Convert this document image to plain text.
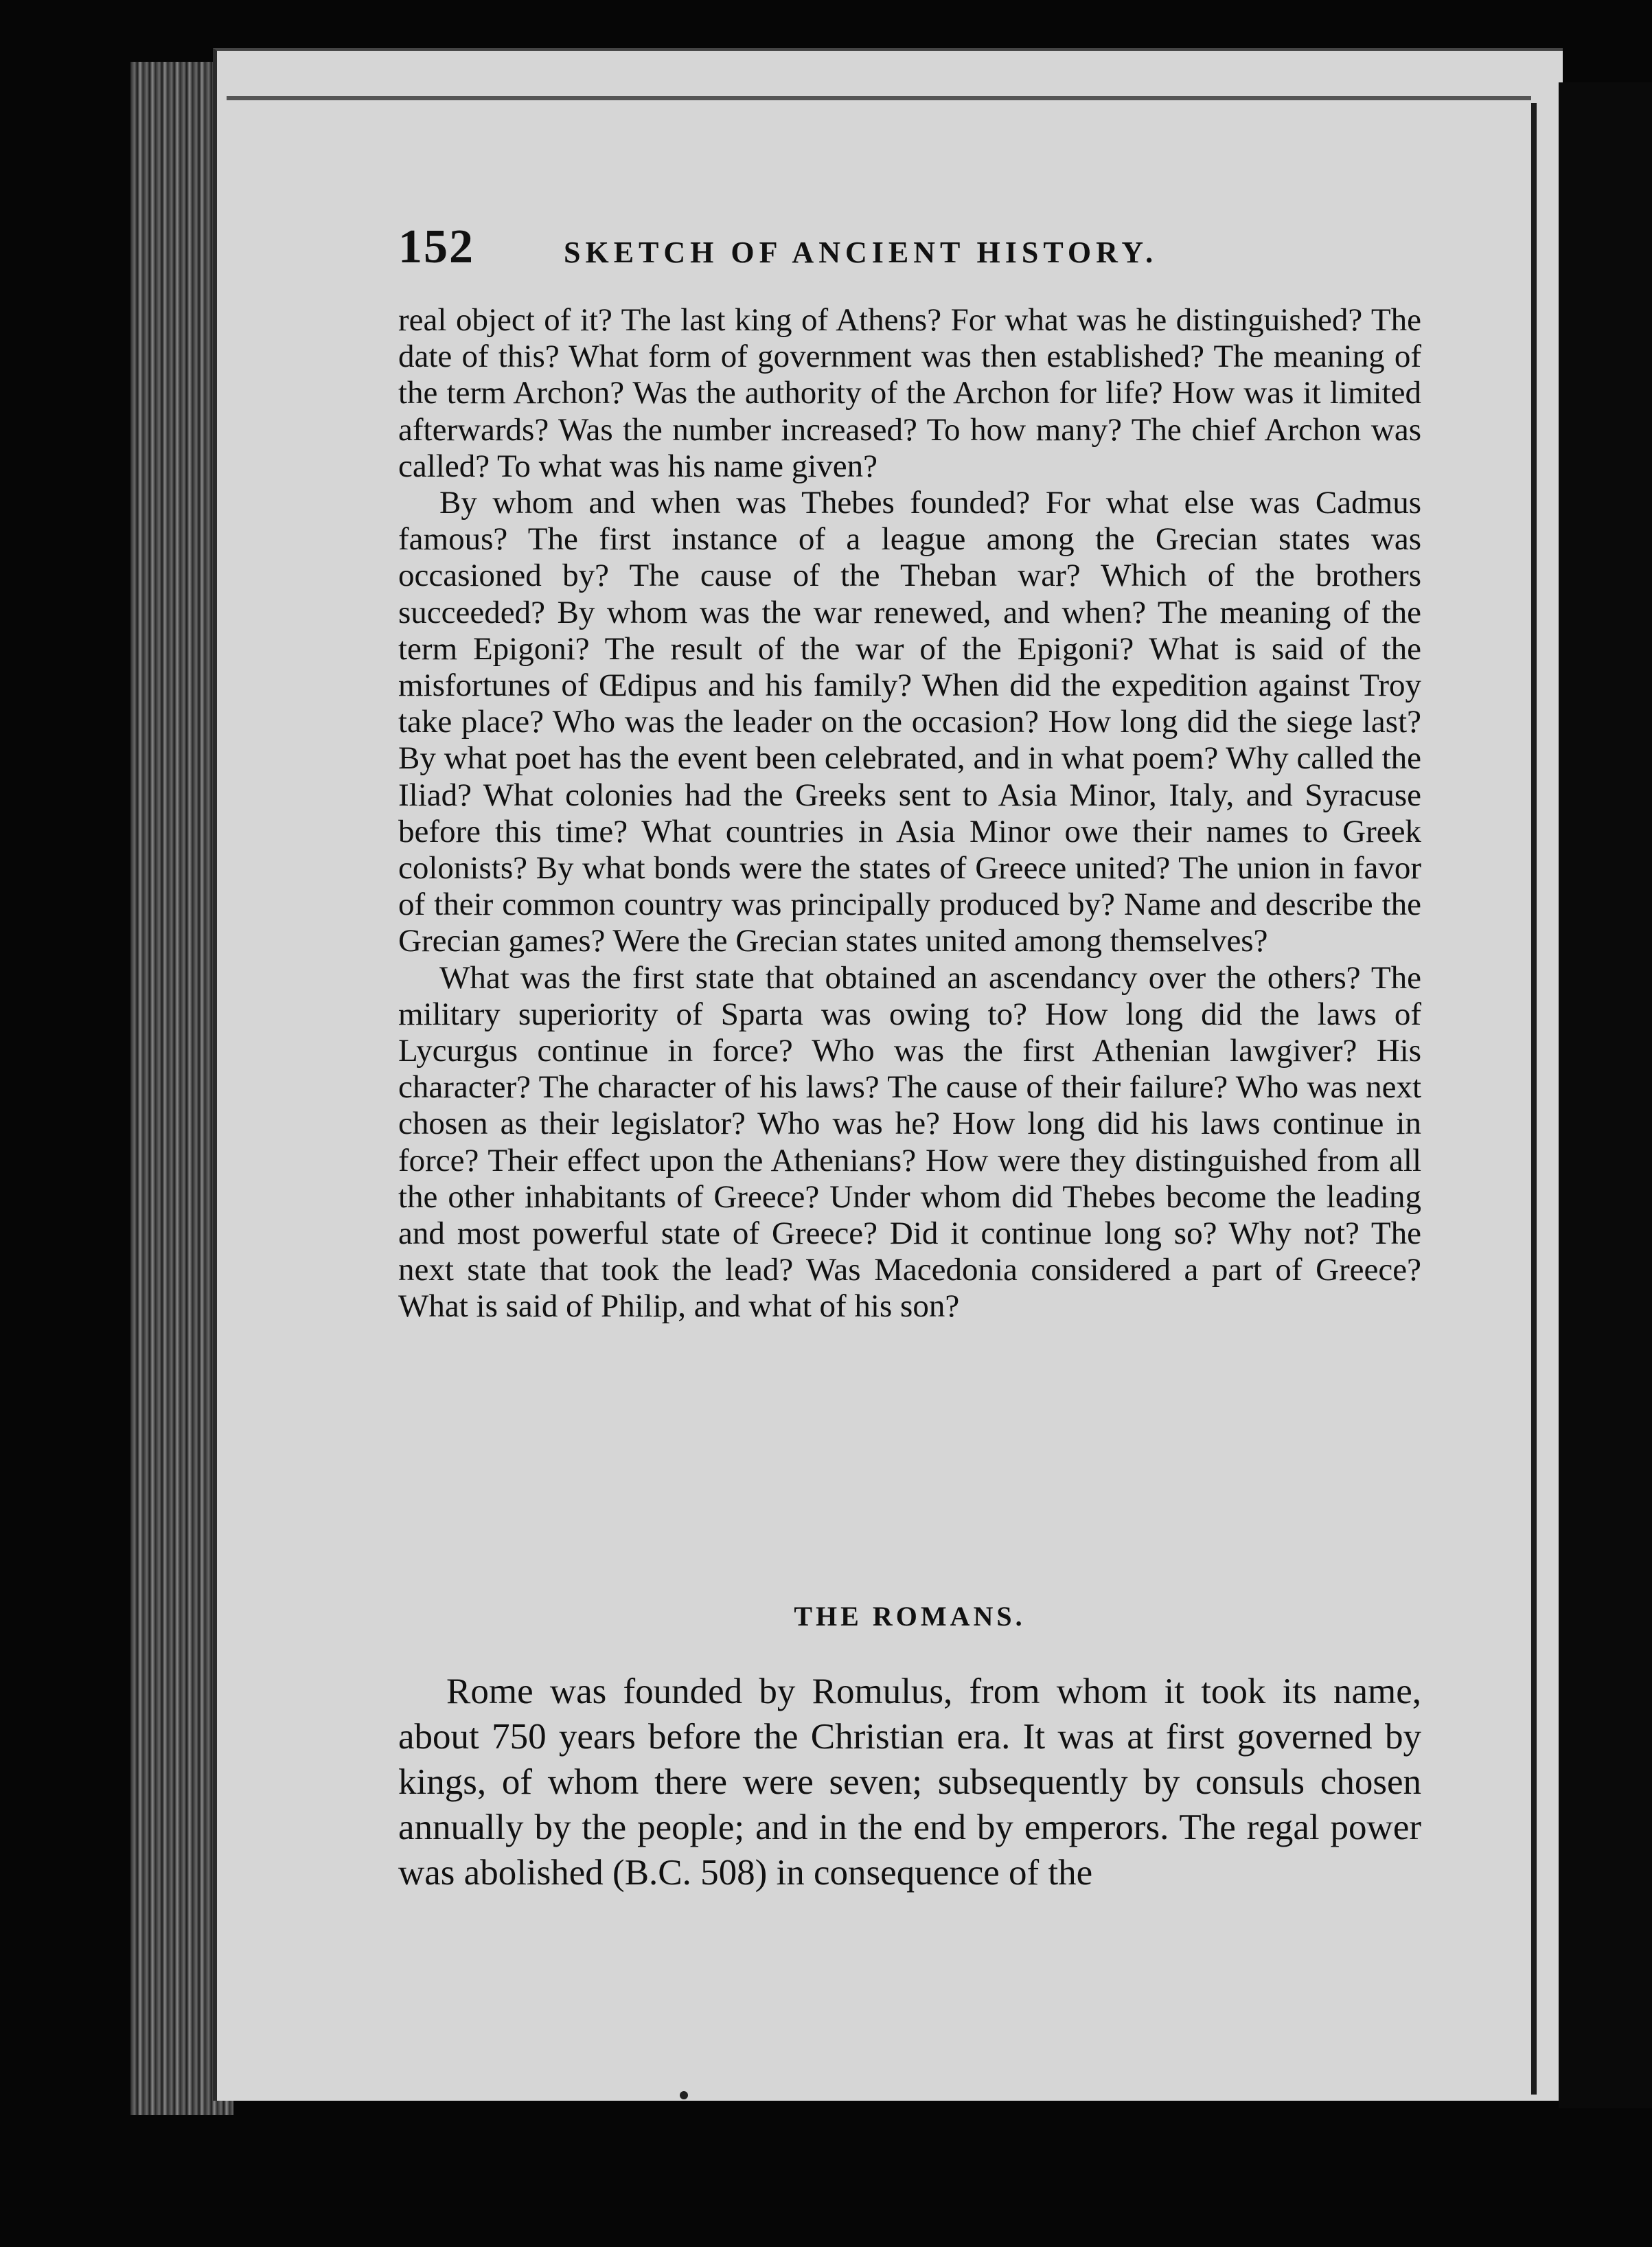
152	SKETCH OF ANCIENT HISTORY.

real object of it? The last king of Athens? For what was he distinguished? The date of this? What form of government was then established? The meaning of the term Archon? Was the authority of the Archon for life? How was it limited afterwards? Was the number increased? To how many? The chief Archon was called? To what was his name given?

By whom and when was Thebes founded? For what else was Cadmus famous? The first instance of a league among the Grecian states was occasioned by? The cause of the Theban war? Which of the brothers succeeded? By whom was the war renewed, and when? The meaning of the term Epigoni? The result of the war of the Epigoni? What is said of the misfortunes of Œdipus and his family? When did the expedition against Troy take place? Who was the leader on the occasion? How long did the siege last? By what poet has the event been celebrated, and in what poem? Why called the Iliad? What colonies had the Greeks sent to Asia Minor, Italy, and Syracuse before this time? What countries in Asia Minor owe their names to Greek colonists? By what bonds were the states of Greece united? The union in favor of their common country was principally produced by? Name and describe the Grecian games? Were the Grecian states united among themselves?

What was the first state that obtained an ascendancy over the others? The military superiority of Sparta was owing to? How long did the laws of Lycurgus continue in force? Who was the first Athenian lawgiver? His character? The character of his laws? The cause of their failure? Who was next chosen as their legislator? Who was he? How long did his laws continue in force? Their effect upon the Athenians? How were they distinguished from all the other inhabitants of Greece? Under whom did Thebes become the leading and most powerful state of Greece? Did it continue long so? Why not? The next state that took the lead? Was Macedonia considered a part of Greece? What is said of Philip, and what of his son?

THE ROMANS.
Rome was founded by Romulus, from whom it took its name, about 750 years before the Christian era. It was at first governed by kings, of whom there were seven; subsequently by consuls chosen annually by the people; and in the end by emperors. The regal power was abolished (B.C. 508) in consequence of the
